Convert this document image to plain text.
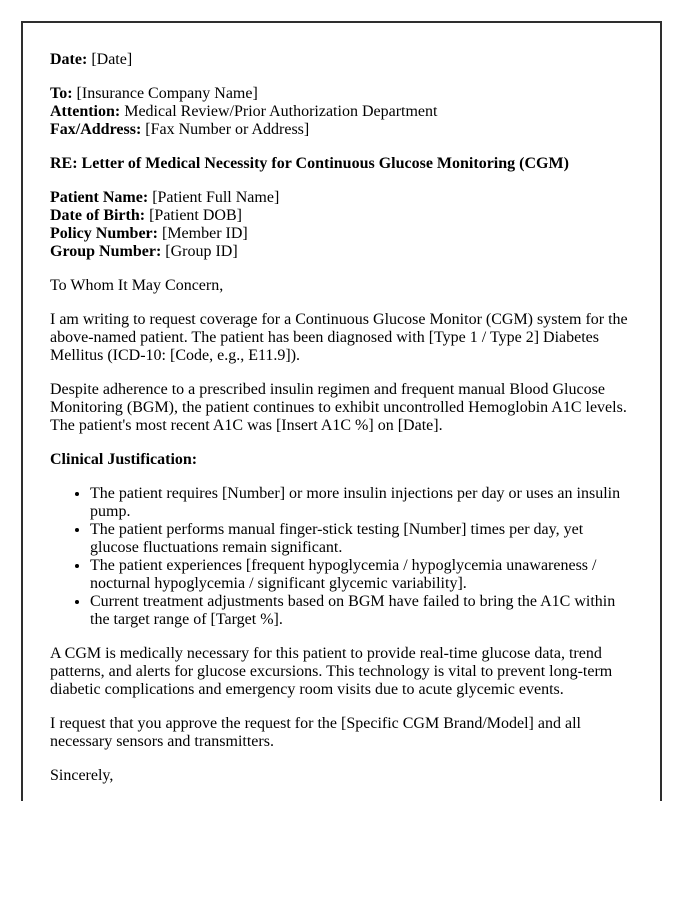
Date: [Date]

To: [Insurance Company Name]
Attention: Medical Review/Prior Authorization Department
Fax/Address: [Fax Number or Address]

RE: Letter of Medical Necessity for Continuous Glucose Monitoring (CGM)

Patient Name: [Patient Full Name]
Date of Birth: [Patient DOB]
Policy Number: [Member ID]
Group Number: [Group ID]

To Whom It May Concern,

I am writing to request coverage for a Continuous Glucose Monitor (CGM) system for the above-named patient. The patient has been diagnosed with [Type 1 / Type 2] Diabetes Mellitus (ICD-10: [Code, e.g., E11.9]).

Despite adherence to a prescribed insulin regimen and frequent manual Blood Glucose Monitoring (BGM), the patient continues to exhibit uncontrolled Hemoglobin A1C levels. The patient's most recent A1C was [Insert A1C %] on [Date].

Clinical Justification:

• The patient requires [Number] or more insulin injections per day or uses an insulin pump.
• The patient performs manual finger-stick testing [Number] times per day, yet glucose fluctuations remain significant.
• The patient experiences [frequent hypoglycemia / hypoglycemia unawareness / nocturnal hypoglycemia / significant glycemic variability].
• Current treatment adjustments based on BGM have failed to bring the A1C within the target range of [Target %].

A CGM is medically necessary for this patient to provide real-time glucose data, trend patterns, and alerts for glucose excursions. This technology is vital to prevent long-term diabetic complications and emergency room visits due to acute glycemic events.

I request that you approve the request for the [Specific CGM Brand/Model] and all necessary sensors and transmitters.

Sincerely,
